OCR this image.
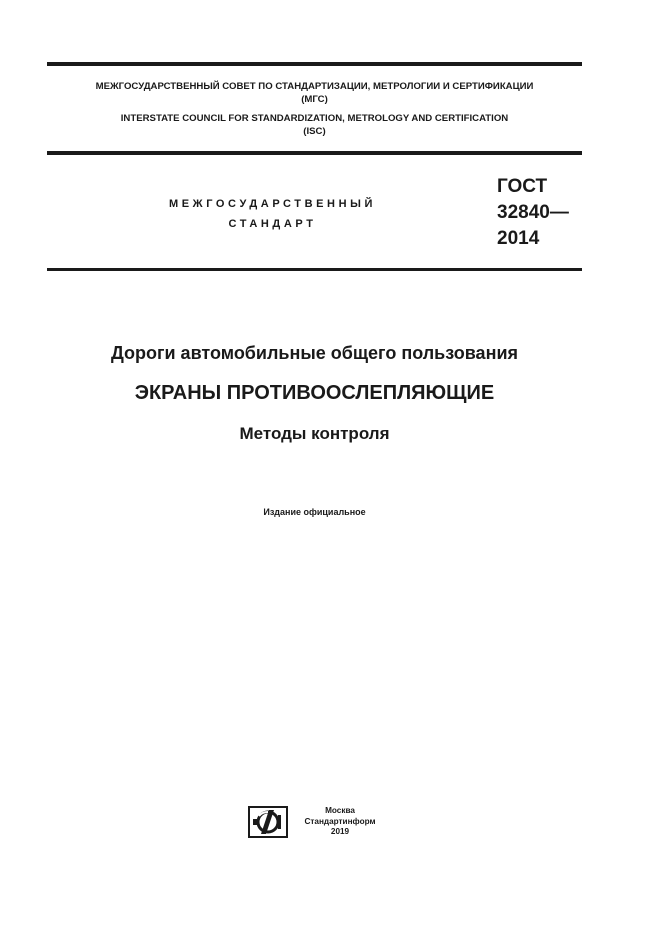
МЕЖГОСУДАРСТВЕННЫЙ СОВЕТ ПО СТАНДАРТИЗАЦИИ, МЕТРОЛОГИИ И СЕРТИФИКАЦИИ
(МГС)
INTERSTATE COUNCIL FOR STANDARDIZATION, METROLOGY AND CERTIFICATION
(ISC)
МЕЖГОСУДАРСТВЕННЫЙ
СТАНДАРТ
ГОСТ
32840—
2014
Дороги автомобильные общего пользования
ЭКРАНЫ ПРОТИВООСЛЕПЛЯЮЩИЕ
Методы контроля
Издание официальное
Москва
Стандартинформ
2019
